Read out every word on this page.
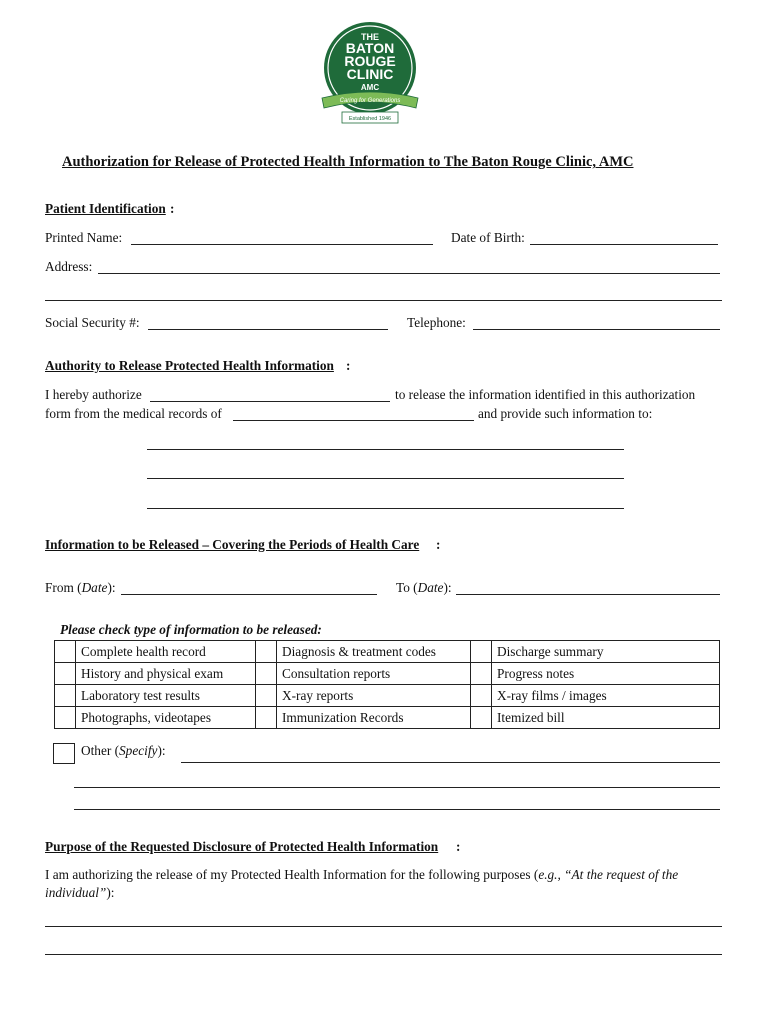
THE
BATON
ROUGE
CLINIC
AMC
Caring for Generations
Established 1946
Authorization for Release of Protected Health Information to The Baton Rouge Clinic, AMC
Patient Identification :
Printed Name:	Date of Birth:
Address:
Social Security #:	Telephone:
Authority to Release Protected Health Information :
I hereby authorize	to release the information identified in this authorization
form from the medical records of	and provide such information to:
Information to be Released – Covering the Periods of Health Care :
From (Date):	To (Date):
Please check type of information to be released:
	Complete health record		Diagnosis & treatment codes		Discharge summary
	History and physical exam		Consultation reports		Progress notes
	Laboratory test results		X-ray reports		X-ray films / images
	Photographs, videotapes		Immunization Records		Itemized bill
Other (Specify):
Purpose of the Requested Disclosure of Protected Health Information :
I am authorizing the release of my Protected Health Information for the following purposes (e.g., “At the request of the
individual”):
